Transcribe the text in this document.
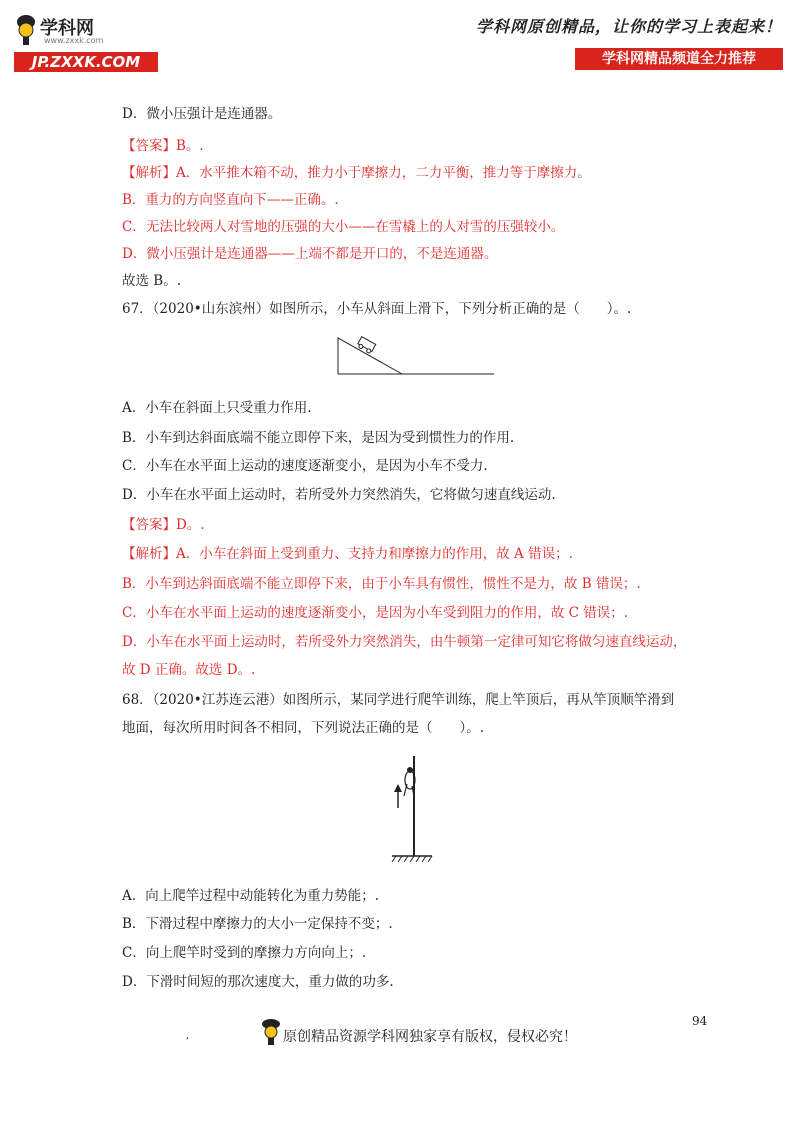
学科网
www.zxxk.com
JP.ZXXK.COM
学科网原创精品，让你的学习上表起来！
学科网精品频道全力推荐
D．微小压强计是连通器。
【答案】B。.
【解析】A．水平推木箱不动，推力小于摩擦力，二力平衡，推力等于摩擦力。
B．重力的方向竖直向下——正确。.
C．无法比较两人对雪地的压强的大小——在雪橇上的人对雪的压强较小。
D．微小压强计是连通器——上端不都是开口的，不是连通器。
故选 B。.
67．（2020•山东滨州）如图所示，小车从斜面上滑下，下列分析正确的是（　　）。.
A．小车在斜面上只受重力作用.
B．小车到达斜面底端不能立即停下来，是因为受到惯性力的作用.
C．小车在水平面上运动的速度逐渐变小，是因为小车不受力.
D．小车在水平面上运动时，若所受外力突然消失，它将做匀速直线运动.
【答案】D。.
【解析】A．小车在斜面上受到重力、支持力和摩擦力的作用，故 A 错误；.
B．小车到达斜面底端不能立即停下来，由于小车具有惯性，惯性不是力，故 B 错误；.
C．小车在水平面上运动的速度逐渐变小，是因为小车受到阻力的作用，故 C 错误；.
D．小车在水平面上运动时，若所受外力突然消失，由牛顿第一定律可知它将做匀速直线运动，
故 D 正确。故选 D。.
68．（2020•江苏连云港）如图所示，某同学进行爬竿训练，爬上竿顶后，再从竿顶顺竿滑到
地面，每次所用时间各不相同，下列说法正确的是（　　）。.
A．向上爬竿过程中动能转化为重力势能；.
B．下滑过程中摩擦力的大小一定保持不变；.
C．向上爬竿时受到的摩擦力方向向上；.
D．下滑时间短的那次速度大，重力做的功多.
94
,	原创精品资源学科网独家享有版权，侵权必究！
